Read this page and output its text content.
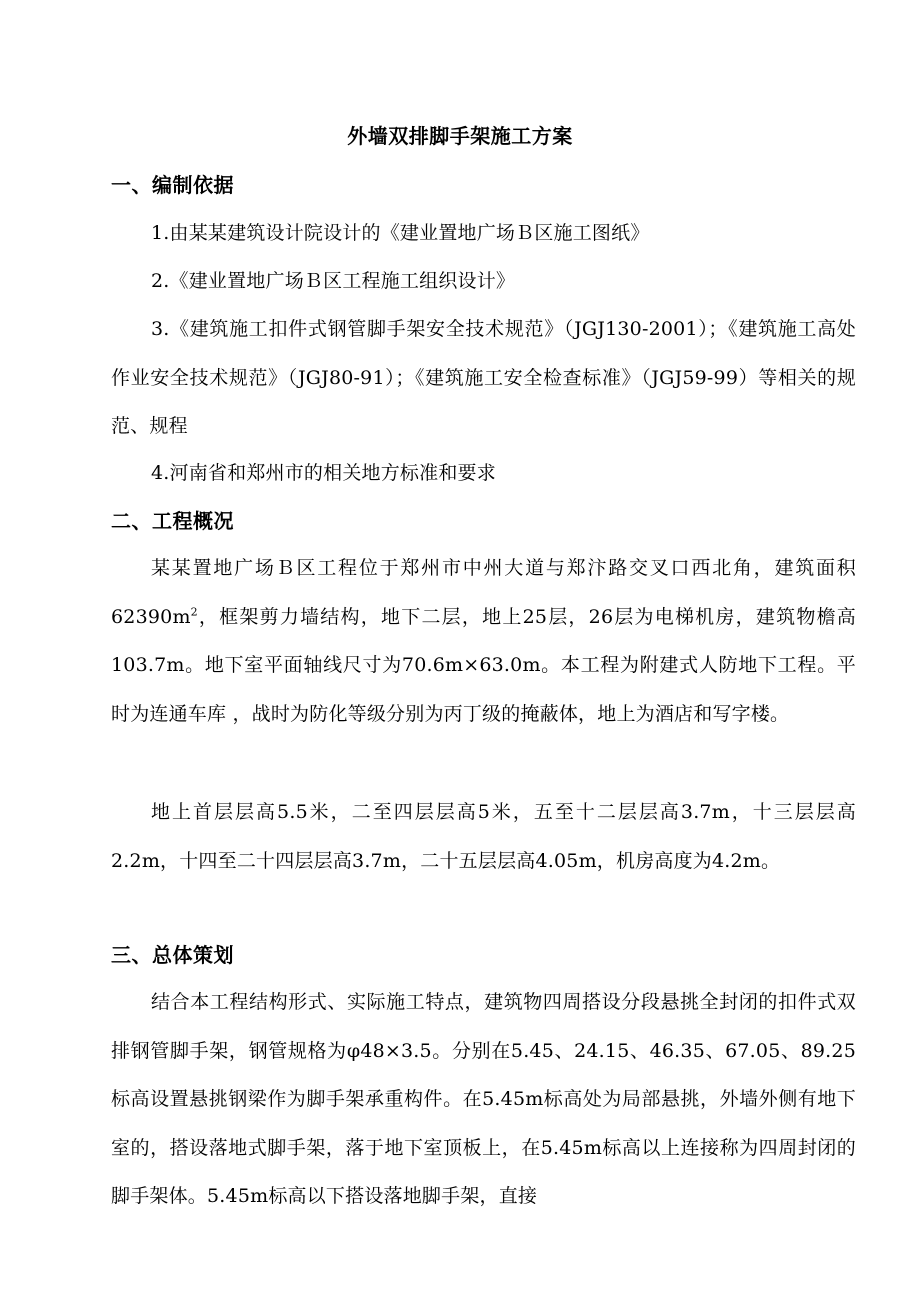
外墙双排脚手架施工方案
一、编制依据

1.由某某建筑设计院设计的《建业置地广场Ｂ区施工图纸》

2.《建业置地广场Ｂ区工程施工组织设计》

3.《建筑施工扣件式钢管脚手架安全技术规范》（JGJ130-2001）；《建筑施工高处作业安全技术规范》（JGJ80-91）；《建筑施工安全检查标准》（JGJ59-99）等相关的规范、规程

4.河南省和郑州市的相关地方标准和要求

二、工程概况

某某置地广场Ｂ区工程位于郑州市中州大道与郑汴路交叉口西北角，建筑面积$62390m^2$，框架剪力墙结构，地下二层，地上25层，26层为电梯机房，建筑物檐高103.7m。地下室平面轴线尺寸为70.6m×63.0m。本工程为附建式人防地下工程。平时为连通车库 ，战时为防化等级分别为丙丁级的掩蔽体，地上为酒店和写字楼。

地上首层层高5.5米，二至四层层高5米，五至十二层层高3.7m，十三层层高2.2m，十四至二十四层层高3.7m，二十五层层高4.05m，机房高度为4.2m。

三、总体策划

结合本工程结构形式、实际施工特点，建筑物四周搭设分段悬挑全封闭的扣件式双排钢管脚手架，钢管规格为φ48×3.5。分别在5.45、24.15、46.35、67.05、89.25标高设置悬挑钢梁作为脚手架承重构件。在5.45m标高处为局部悬挑，外墙外侧有地下室的，搭设落地式脚手架，落于地下室顶板上，在5.45m标高以上连接称为四周封闭的脚手架体。5.45m标高以下搭设落地脚手架，直接
